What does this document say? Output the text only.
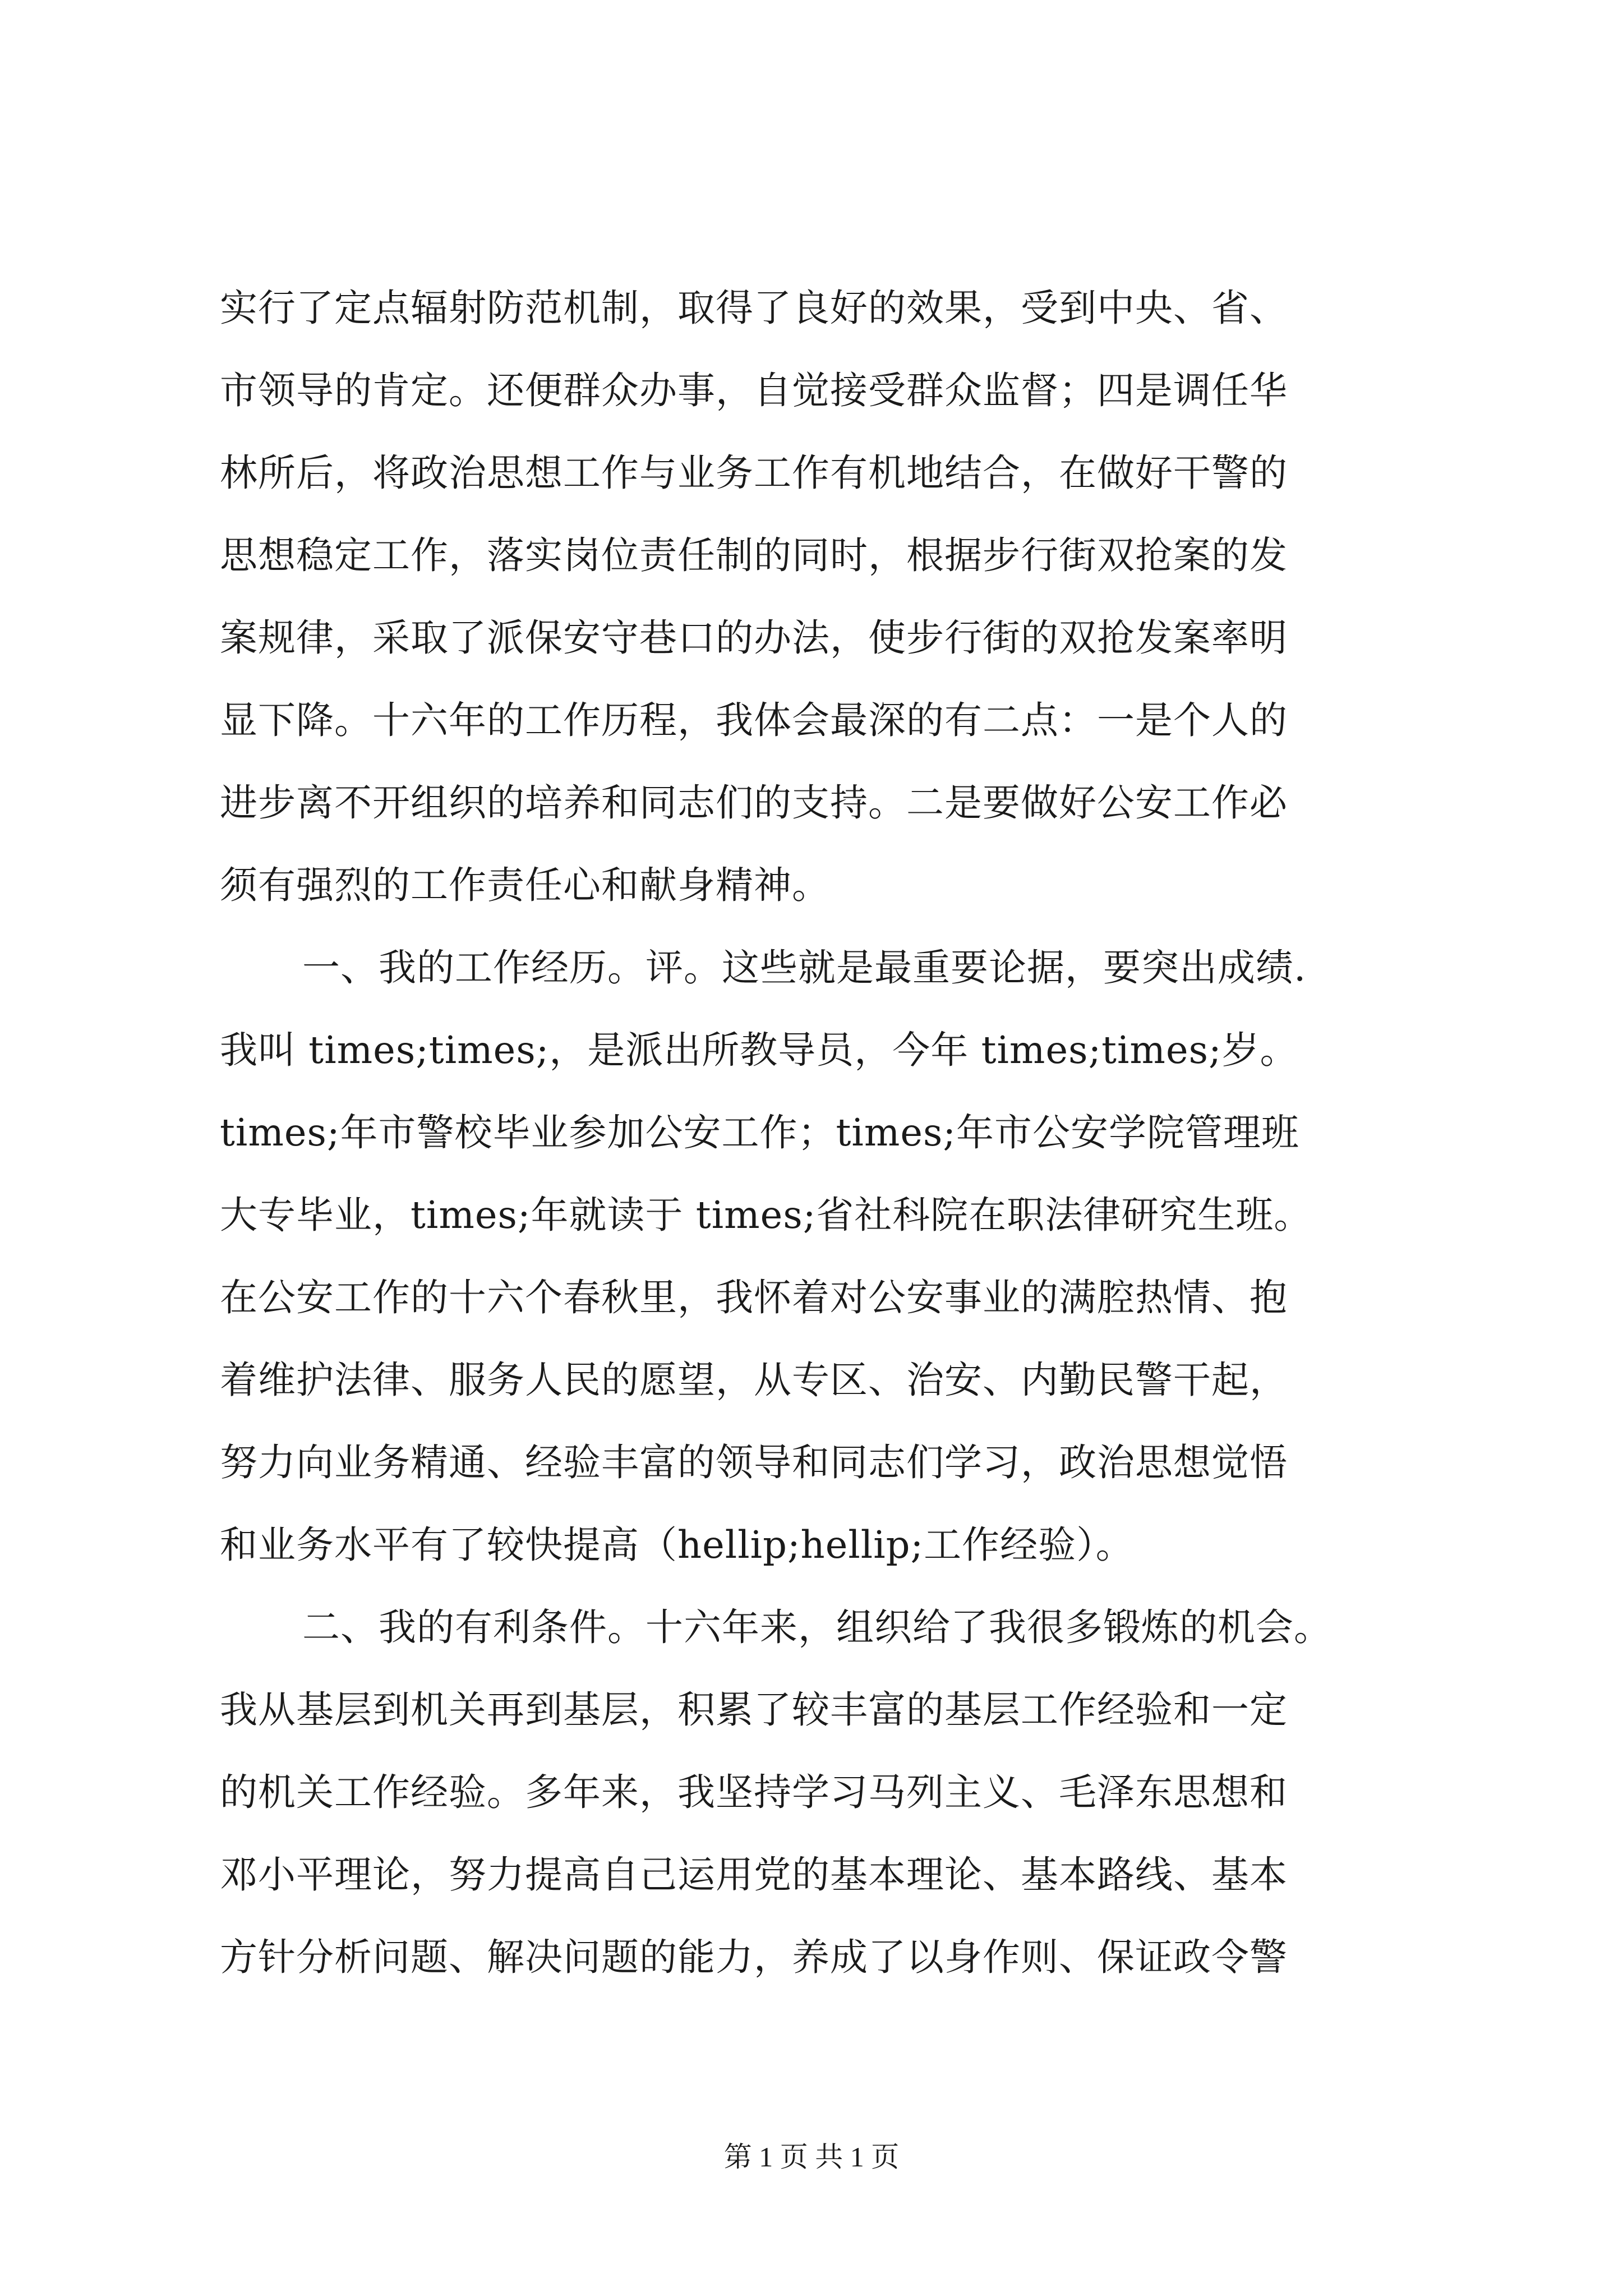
实行了定点辐射防范机制，取得了良好的效果，受到中央、省、
市领导的肯定。还便群众办事，自觉接受群众监督；四是调任华
林所后，将政治思想工作与业务工作有机地结合，在做好干警的
思想稳定工作，落实岗位责任制的同时，根据步行街双抢案的发
案规律，采取了派保安守巷口的办法，使步行街的双抢发案率明
显下降。十六年的工作历程，我体会最深的有二点：一是个人的
进步离不开组织的培养和同志们的支持。二是要做好公安工作必
须有强烈的工作责任心和献身精神。
一、我的工作经历。评。这些就是最重要论据，要突出成绩.
我叫 times;times;，是派出所教导员，今年 times;times;岁。
times;年市警校毕业参加公安工作；times;年市公安学院管理班
大专毕业，times;年就读于 times;省社科院在职法律研究生班。
在公安工作的十六个春秋里，我怀着对公安事业的满腔热情、抱
着维护法律、服务人民的愿望，从专区、治安、内勤民警干起，
努力向业务精通、经验丰富的领导和同志们学习，政治思想觉悟
和业务水平有了较快提高（hellip;hellip;工作经验）。
二、我的有利条件。十六年来，组织给了我很多锻炼的机会。
我从基层到机关再到基层，积累了较丰富的基层工作经验和一定
的机关工作经验。多年来，我坚持学习马列主义、毛泽东思想和
邓小平理论，努力提高自己运用党的基本理论、基本路线、基本
方针分析问题、解决问题的能力，养成了以身作则、保证政令警
第 1 页 共 1 页
